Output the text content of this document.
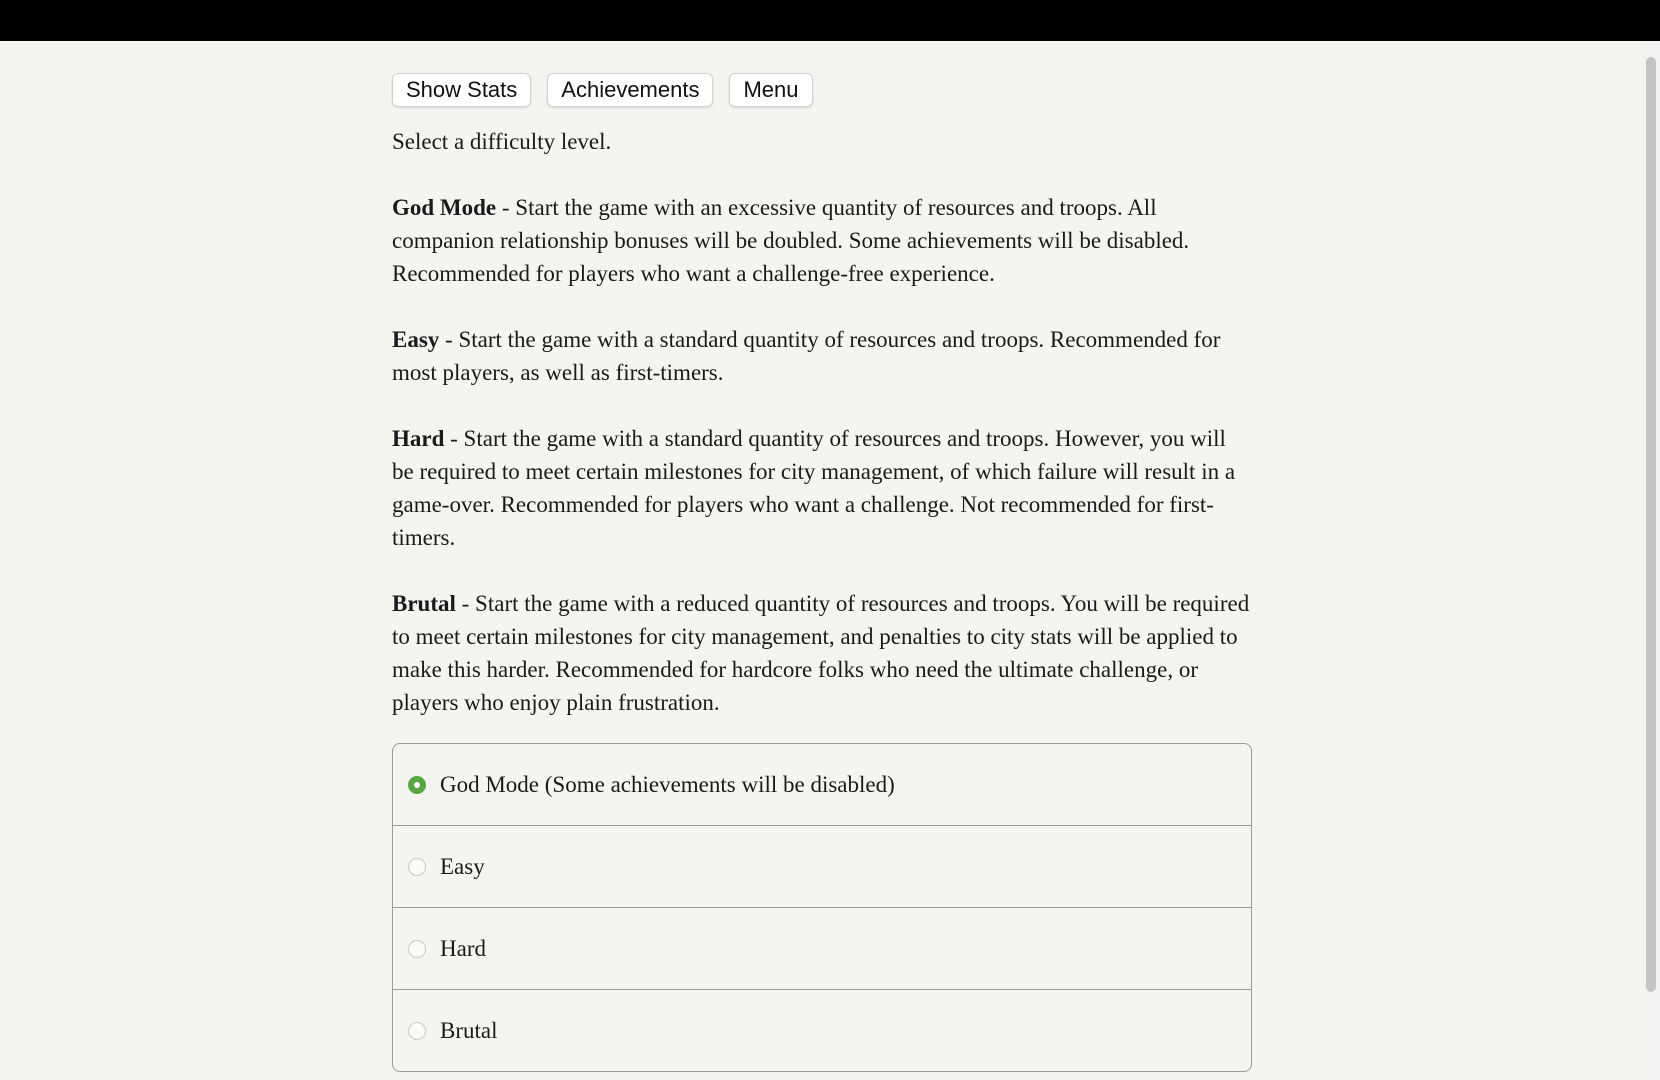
Show Stats	Achievements	Menu

Select a difficulty level.

God Mode - Start the game with an excessive quantity of resources and troops. All companion relationship bonuses will be doubled. Some achievements will be disabled. Recommended for players who want a challenge-free experience.

Easy - Start the game with a standard quantity of resources and troops. Recommended for most players, as well as first-timers.

Hard - Start the game with a standard quantity of resources and troops. However, you will be required to meet certain milestones for city management, of which failure will result in a game-over. Recommended for players who want a challenge. Not recommended for first-timers.

Brutal - Start the game with a reduced quantity of resources and troops. You will be required to meet certain milestones for city management, and penalties to city stats will be applied to make this harder. Recommended for hardcore folks who need the ultimate challenge, or players who enjoy plain frustration.

God Mode (Some achievements will be disabled)
Easy
Hard
Brutal
